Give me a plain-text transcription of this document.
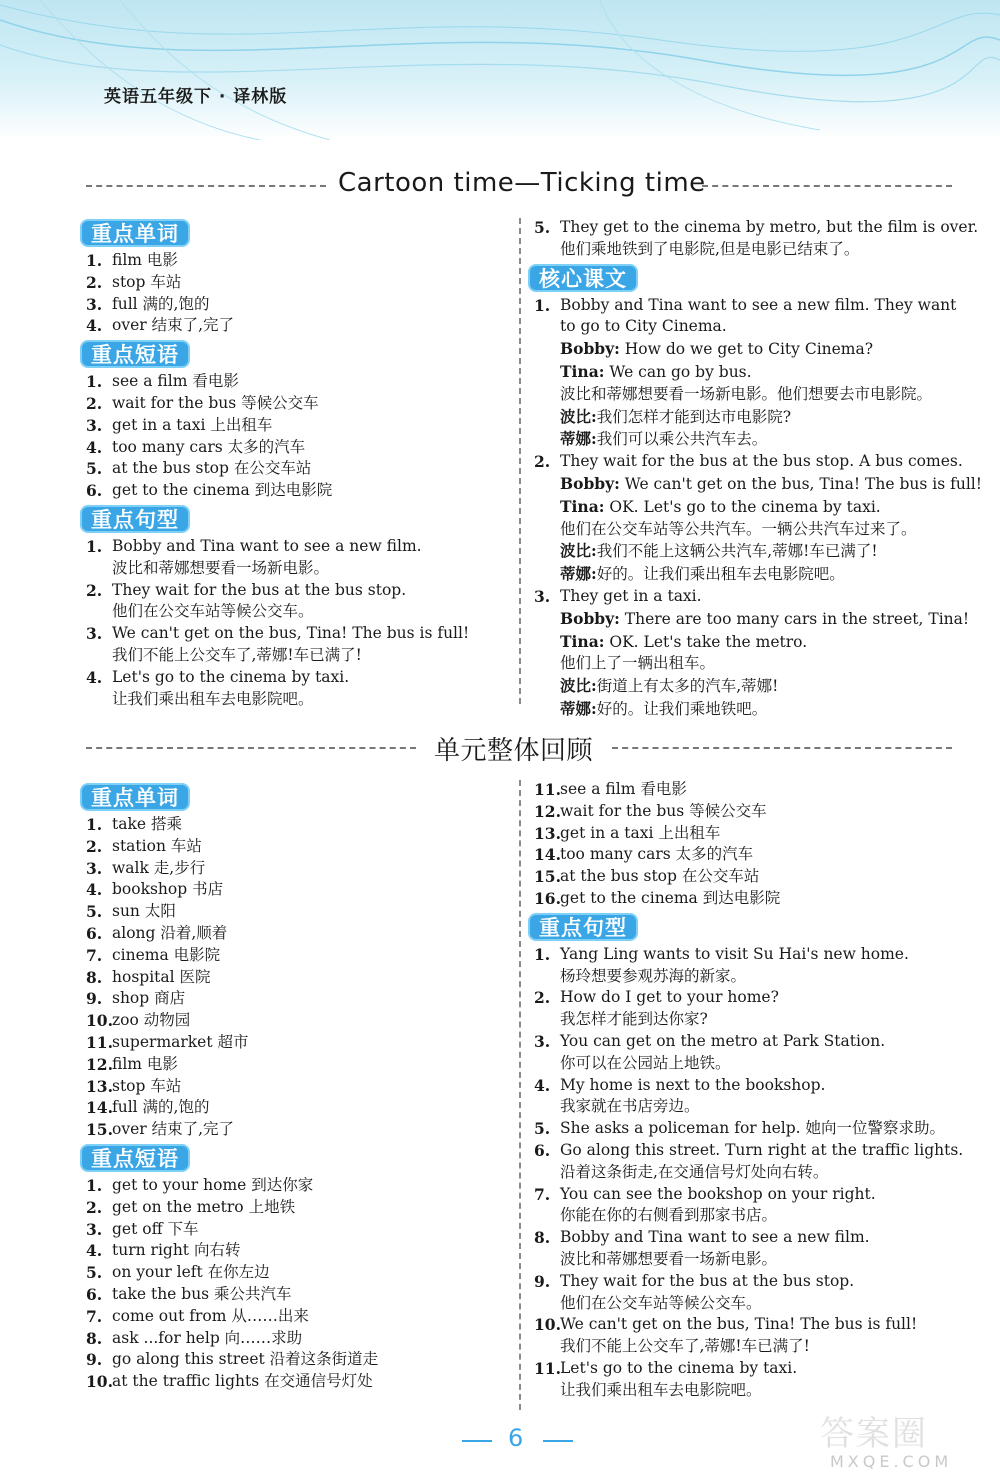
英语五年级下 · 译林版
Cartoon time—Ticking time
重点单词
1. film 电影
2. stop 车站
3. full 满的,饱的
4. over 结束了,完了
重点短语
1. see a film 看电影
2. wait for the bus 等候公交车
3. get in a taxi 上出租车
4. too many cars 太多的汽车
5. at the bus stop 在公交车站
6. get to the cinema 到达电影院
重点句型
1. Bobby and Tina want to see a new film.
波比和蒂娜想要看一场新电影。
2. They wait for the bus at the bus stop.
他们在公交车站等候公交车。
3. We can't get on the bus, Tina! The bus is full!
我们不能上公交车了,蒂娜!车已满了!
4. Let's go to the cinema by taxi.
让我们乘出租车去电影院吧。
5. They get to the cinema by metro, but the film is over.
他们乘地铁到了电影院,但是电影已结束了。
核心课文
1. Bobby and Tina want to see a new film. They want
to go to City Cinema.
Bobby: How do we get to City Cinema?
Tina: We can go by bus.
波比和蒂娜想要看一场新电影。他们想要去市电影院。
波比:我们怎样才能到达市电影院?
蒂娜:我们可以乘公共汽车去。
2. They wait for the bus at the bus stop. A bus comes.
Bobby: We can't get on the bus, Tina! The bus is full!
Tina: OK. Let's go to the cinema by taxi.
他们在公交车站等公共汽车。一辆公共汽车过来了。
波比:我们不能上这辆公共汽车,蒂娜!车已满了!
蒂娜:好的。让我们乘出租车去电影院吧。
3. They get in a taxi.
Bobby: There are too many cars in the street, Tina!
Tina: OK. Let's take the metro.
他们上了一辆出租车。
波比:街道上有太多的汽车,蒂娜!
蒂娜:好的。让我们乘地铁吧。
单元整体回顾
重点单词
1. take 搭乘
2. station 车站
3. walk 走,步行
4. bookshop 书店
5. sun 太阳
6. along 沿着,顺着
7. cinema 电影院
8. hospital 医院
9. shop 商店
10. zoo 动物园
11. supermarket 超市
12. film 电影
13. stop 车站
14. full 满的,饱的
15. over 结束了,完了
重点短语
1. get to your home 到达你家
2. get on the metro 上地铁
3. get off 下车
4. turn right 向右转
5. on your left 在你左边
6. take the bus 乘公共汽车
7. come out from 从……出来
8. ask ...for help 向……求助
9. go along this street 沿着这条街道走
10. at the traffic lights 在交通信号灯处
11. see a film 看电影
12. wait for the bus 等候公交车
13. get in a taxi 上出租车
14. too many cars 太多的汽车
15. at the bus stop 在公交车站
16. get to the cinema 到达电影院
重点句型
1. Yang Ling wants to visit Su Hai's new home.
杨玲想要参观苏海的新家。
2. How do I get to your home?
我怎样才能到达你家?
3. You can get on the metro at Park Station.
你可以在公园站上地铁。
4. My home is next to the bookshop.
我家就在书店旁边。
5. She asks a policeman for help. 她向一位警察求助。
6. Go along this street. Turn right at the traffic lights.
沿着这条街走,在交通信号灯处向右转。
7. You can see the bookshop on your right.
你能在你的右侧看到那家书店。
8. Bobby and Tina want to see a new film.
波比和蒂娜想要看一场新电影。
9. They wait for the bus at the bus stop.
他们在公交车站等候公交车。
10. We can't get on the bus, Tina! The bus is full!
我们不能上公交车了,蒂娜!车已满了!
11. Let's go to the cinema by taxi.
让我们乘出租车去电影院吧。
6	答案圈
MXQE.COM
